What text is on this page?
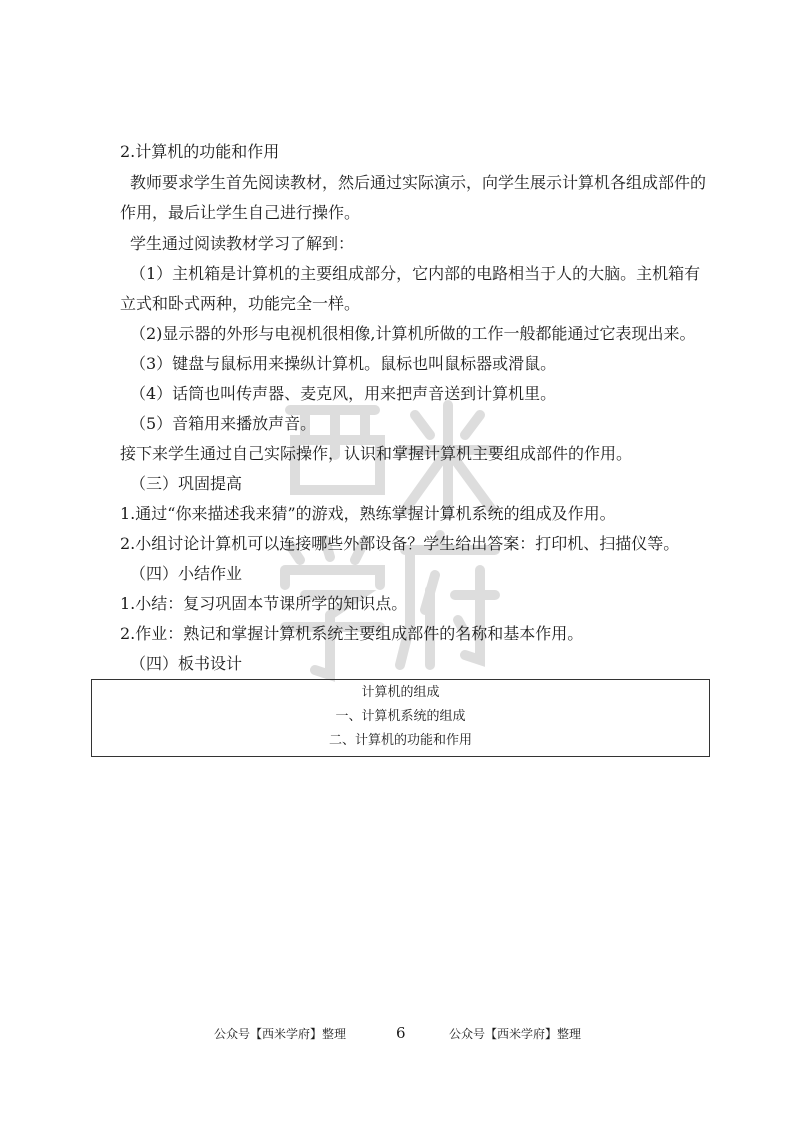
2.计算机的功能和作用
教师要求学生首先阅读教材，然后通过实际演示，向学生展示计算机各组成部件的
作用，最后让学生自己进行操作。
学生通过阅读教材学习了解到：
（1）主机箱是计算机的主要组成部分，它内部的电路相当于人的大脑。主机箱有
立式和卧式两种，功能完全一样。
（2)显示器的外形与电视机很相像,计算机所做的工作一般都能通过它表现出来。
（3）键盘与鼠标用来操纵计算机。鼠标也叫鼠标器或滑鼠。
（4）话筒也叫传声器、麦克风，用来把声音送到计算机里。
（5）音箱用来播放声音。
接下来学生通过自己实际操作，认识和掌握计算机主要组成部件的作用。
（三）巩固提高
1.通过“你来描述我来猜”的游戏，熟练掌握计算机系统的组成及作用。
2.小组讨论计算机可以连接哪些外部设备？学生给出答案：打印机、扫描仪等。
（四）小结作业
1.小结：复习巩固本节课所学的知识点。
2.作业：熟记和掌握计算机系统主要组成部件的名称和基本作用。
（四）板书设计
计算机的组成
一、计算机系统的组成
二、计算机的功能和作用
公众号【西米学府】整理	6	公众号【西米学府】整理
